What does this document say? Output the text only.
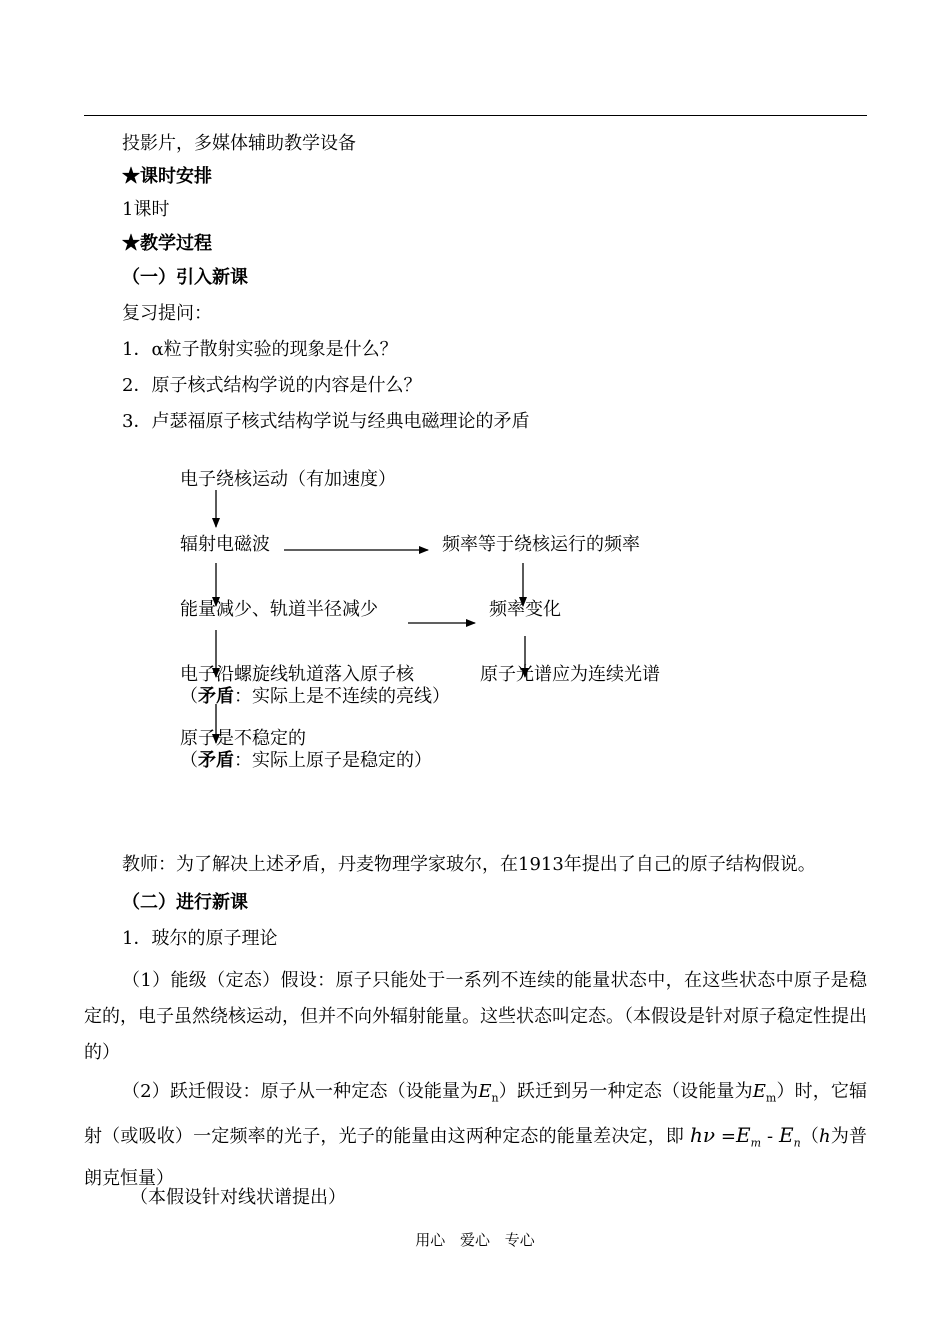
投影片，多媒体辅助教学设备
★课时安排
1课时
★教学过程
（一）引入新课
复习提问：
1．α粒子散射实验的现象是什么？
2．原子核式结构学说的内容是什么？
3．卢瑟福原子核式结构学说与经典电磁理论的矛盾
电子绕核运动（有加速度）
辐射电磁波	频率等于绕核运行的频率
能量减少、轨道半径减少	频率变化
电子沿螺旋线轨道落入原子核
（矛盾：实际上是不连续的亮线）
原子光谱应为连续光谱
原子是不稳定的
（矛盾：实际上原子是稳定的）
教师：为了解决上述矛盾，丹麦物理学家玻尔，在1913年提出了自己的原子结构假说。
（二）进行新课
1．玻尔的原子理论
（1）能级（定态）假设：原子只能处于一系列不连续的能量状态中，在这些状态中原子是稳定的，电子虽然绕核运动，但并不向外辐射能量。这些状态叫定态。（本假设是针对原子稳定性提出的）
（2）跃迁假设：原子从一种定态（设能量为$E_n$）跃迁到另一种定态（设能量为$E_m$）时，它辐射（或吸收）一定频率的光子，光子的能量由这两种定态的能量差决定，即 $h\nu =E_m - E_n(h$为普朗克恒量）
（本假设针对线状谱提出）
用心 爱心 专心
